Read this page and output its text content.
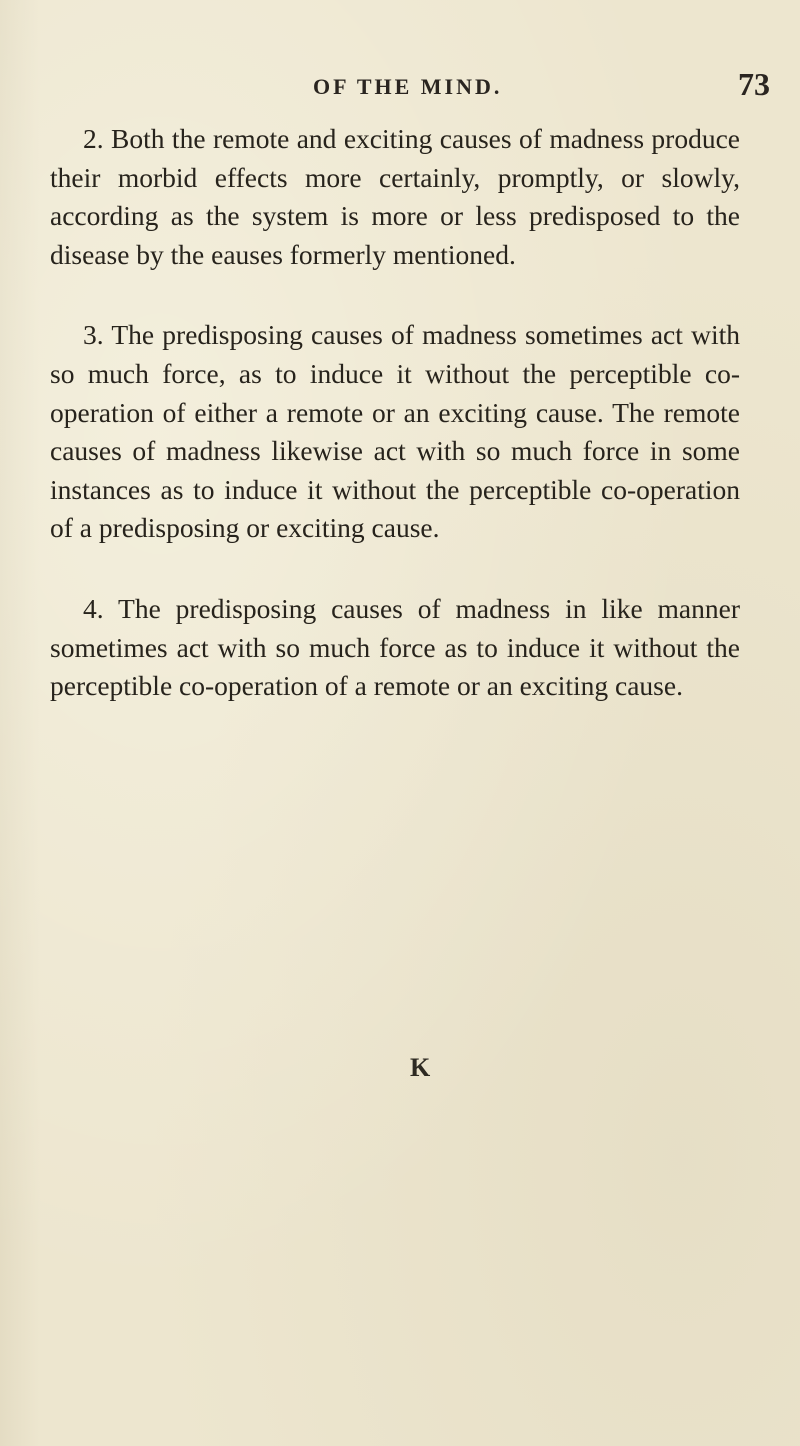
OF THE MIND.	73

2. Both the remote and exciting causes of madness produce their morbid effects more certainly, promptly, or slowly, according as the system is more or less predisposed to the disease by the eauses formerly mentioned.

3. The predisposing causes of madness sometimes act with so much force, as to induce it without the perceptible co-operation of either a remote or an exciting cause. The remote causes of madness likewise act with so much force in some instances as to induce it without the perceptible co-operation of a predisposing or exciting cause.

4. The predisposing causes of madness in like manner sometimes act with so much force as to induce it without the perceptible co-operation of a remote or an exciting cause.

K
